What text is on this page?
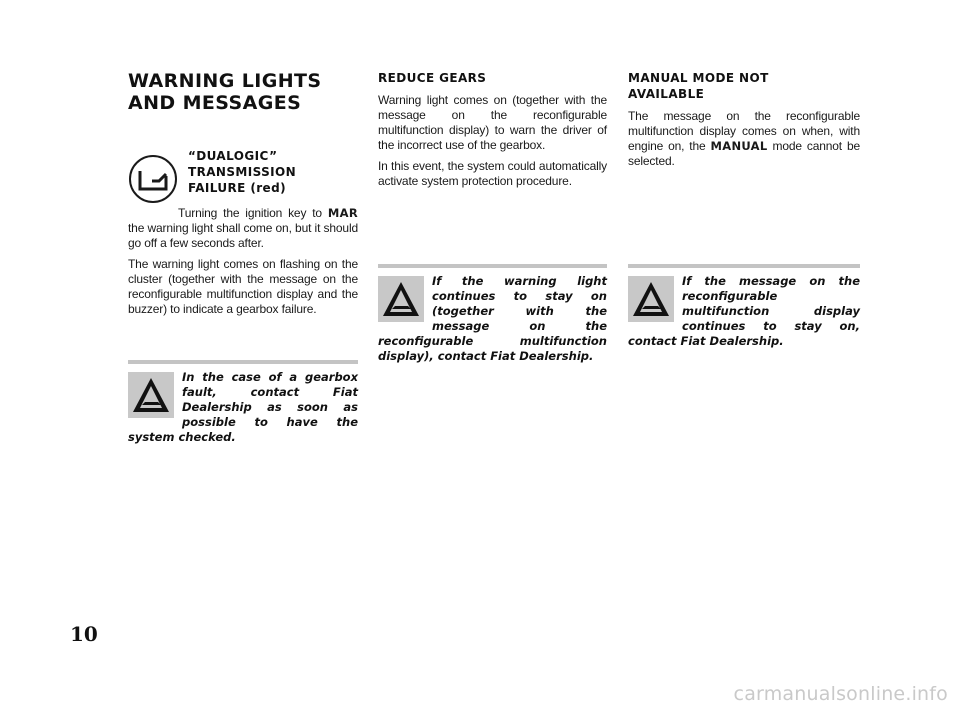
WARNING LIGHTS
AND MESSAGES
“DUALOGIC”
TRANSMISSION
FAILURE (red)

Turning the ignition key to MAR the warning light shall come on, but it should go off a few seconds after.

The warning light comes on flashing on the cluster (together with the message on the reconfigurable multifunction display and the buzzer) to indicate a gearbox failure.

In the case of a gearbox fault, contact Fiat Dealership as soon as possible to have the system checked.

REDUCE GEARS

Warning light comes on (together with the message on the reconfigurable multifunction display) to warn the driver of the incorrect use of the gearbox.

In this event, the system could automatically activate system protection procedure.

If the warning light continues to stay on (together with the message on the reconfigurable multifunction display), contact Fiat Dealership.

MANUAL MODE NOT
AVAILABLE

The message on the reconfigurable multifunction display comes on when, with engine on, the MANUAL mode cannot be selected.

If the message on the reconfigurable multifunction display continues to stay on, contact Fiat Dealership.

10
carmanualsonline.info
